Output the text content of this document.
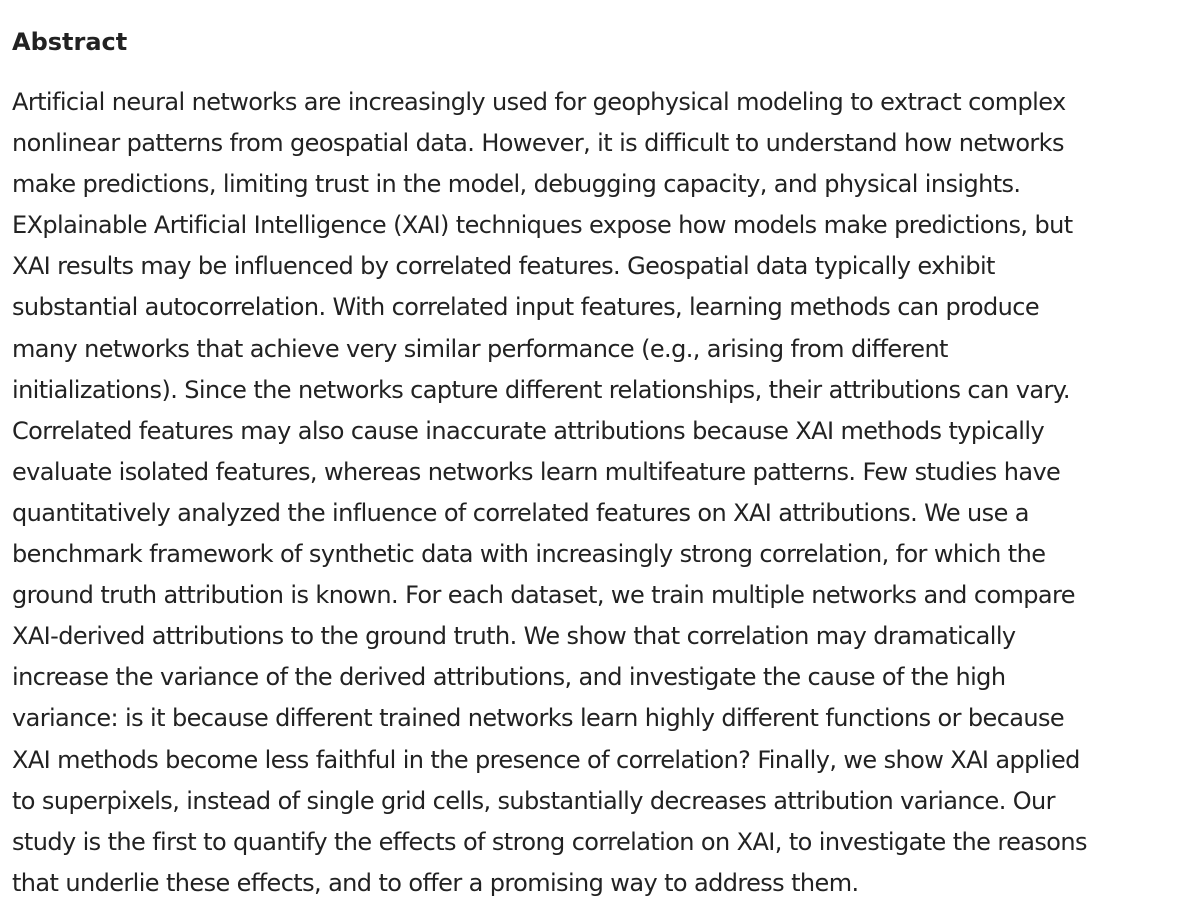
Abstract
Artificial neural networks are increasingly used for geophysical modeling to extract complex
nonlinear patterns from geospatial data. However, it is difficult to understand how networks
make predictions, limiting trust in the model, debugging capacity, and physical insights.
EXplainable Artificial Intelligence (XAI) techniques expose how models make predictions, but
XAI results may be influenced by correlated features. Geospatial data typically exhibit
substantial autocorrelation. With correlated input features, learning methods can produce
many networks that achieve very similar performance (e.g., arising from different
initializations). Since the networks capture different relationships, their attributions can vary.
Correlated features may also cause inaccurate attributions because XAI methods typically
evaluate isolated features, whereas networks learn multifeature patterns. Few studies have
quantitatively analyzed the influence of correlated features on XAI attributions. We use a
benchmark framework of synthetic data with increasingly strong correlation, for which the
ground truth attribution is known. For each dataset, we train multiple networks and compare
XAI-derived attributions to the ground truth. We show that correlation may dramatically
increase the variance of the derived attributions, and investigate the cause of the high
variance: is it because different trained networks learn highly different functions or because
XAI methods become less faithful in the presence of correlation? Finally, we show XAI applied
to superpixels, instead of single grid cells, substantially decreases attribution variance. Our
study is the first to quantify the effects of strong correlation on XAI, to investigate the reasons
that underlie these effects, and to offer a promising way to address them.
